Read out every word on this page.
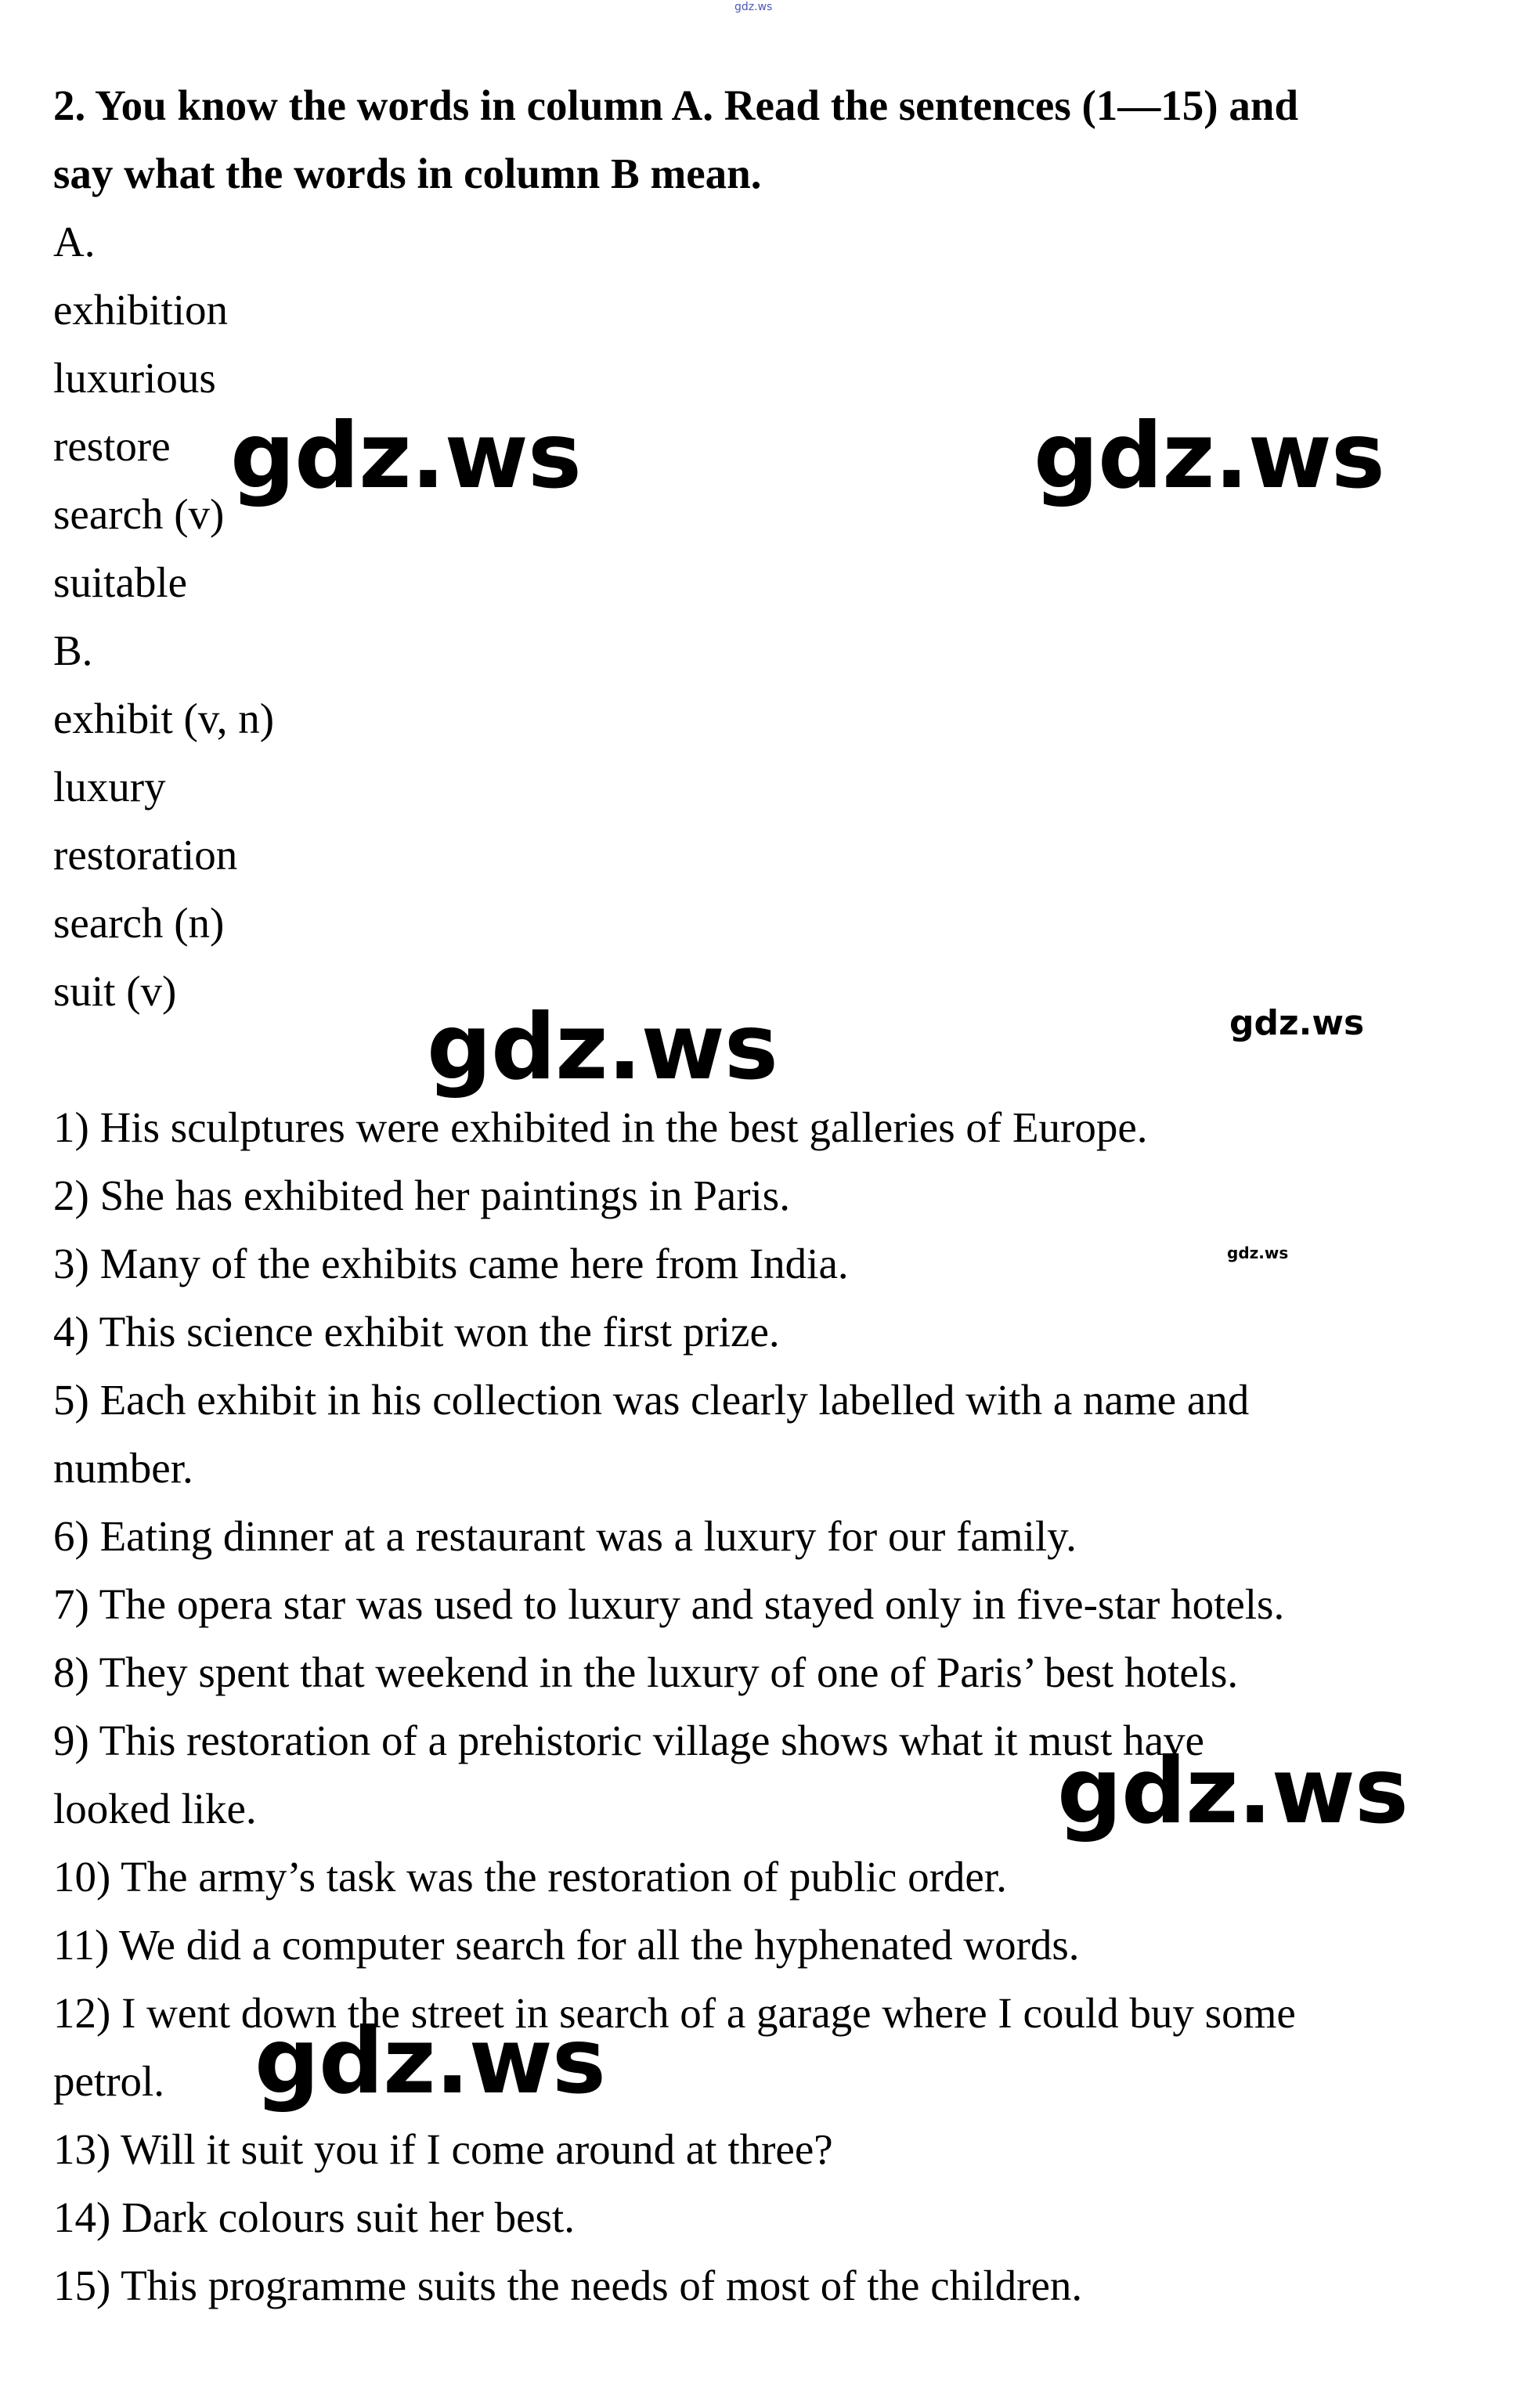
gdz.ws
2. You know the words in column A. Read the sentences (1—15) and
say what the words in column B mean.
A.
exhibition
luxurious
restore
search (v)
suitable
B.
exhibit (v, n)
luxury
restoration
search (n)
suit (v)
1) His sculptures were exhibited in the best galleries of Europe.
2) She has exhibited her paintings in Paris.
3) Many of the exhibits came here from India.
4) This science exhibit won the first prize.
5) Each exhibit in his collection was clearly labelled with a name and
number.
6) Eating dinner at a restaurant was a luxury for our family.
7) The opera star was used to luxury and stayed only in five-star hotels.
8) They spent that weekend in the luxury of one of Paris’ best hotels.
9) This restoration of a prehistoric village shows what it must have
looked like.
10) The army’s task was the restoration of public order.
11) We did a computer search for all the hyphenated words.
12) I went down the street in search of a garage where I could buy some
petrol.
13) Will it suit you if I come around at three?
14) Dark colours suit her best.
15) This programme suits the needs of most of the children.
gdz.ws	gdz.ws
gdz.ws	gdz.ws
gdz.ws
gdz.ws
gdz.ws
